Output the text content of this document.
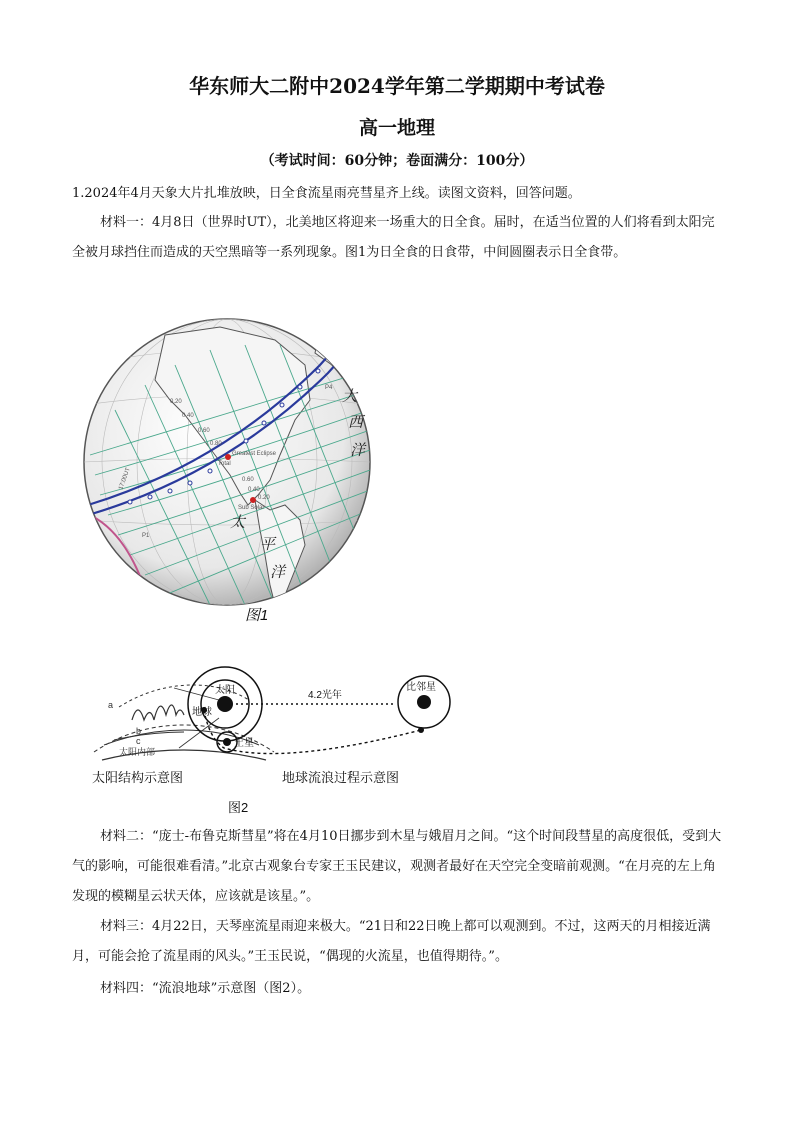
华东师大二附中2024学年第二学期期中考试卷
高一地理
（考试时间：60分钟；卷面满分：100分）

1.2024年4月天象大片扎堆放映，日全食流星雨亮彗星齐上线。读图文资料，回答问题。

材料一：4月8日（世界时UT），北美地区将迎来一场重大的日全食。届时，在适当位置的人们将看到太阳完全被月球挡住而造成的天空黑暗等一系列现象。图1为日全食的日食带，中间圆圈表示日全食带。

Greatest Eclipse
Total
Sub Solar
P1
P4
0.20
0.40
0.60
0.80
0.60
0.40
0.20
17:00UT
大
西
洋
太
平
洋
图1
a
b
c
太阳内部
太阳
地球
土星
比邻星
4.2光年
太阳结构示意图	地球流浪过程示意图
图2

材料二：“庞士-布鲁克斯彗星”将在4月10日挪步到木星与娥眉月之间。“这个时间段彗星的高度很低，受到大气的影响，可能很难看清。”北京古观象台专家王玉民建议，观测者最好在天空完全变暗前观测。“在月亮的左上角发现的模糊星云状天体，应该就是该星。”。

材料三：4月22日，天琴座流星雨迎来极大。“21日和22日晚上都可以观测到。不过，这两天的月相接近满月，可能会抢了流星雨的风头。”王玉民说，“偶现的火流星，也值得期待。”。

材料四：“流浪地球”示意图（图2）。
